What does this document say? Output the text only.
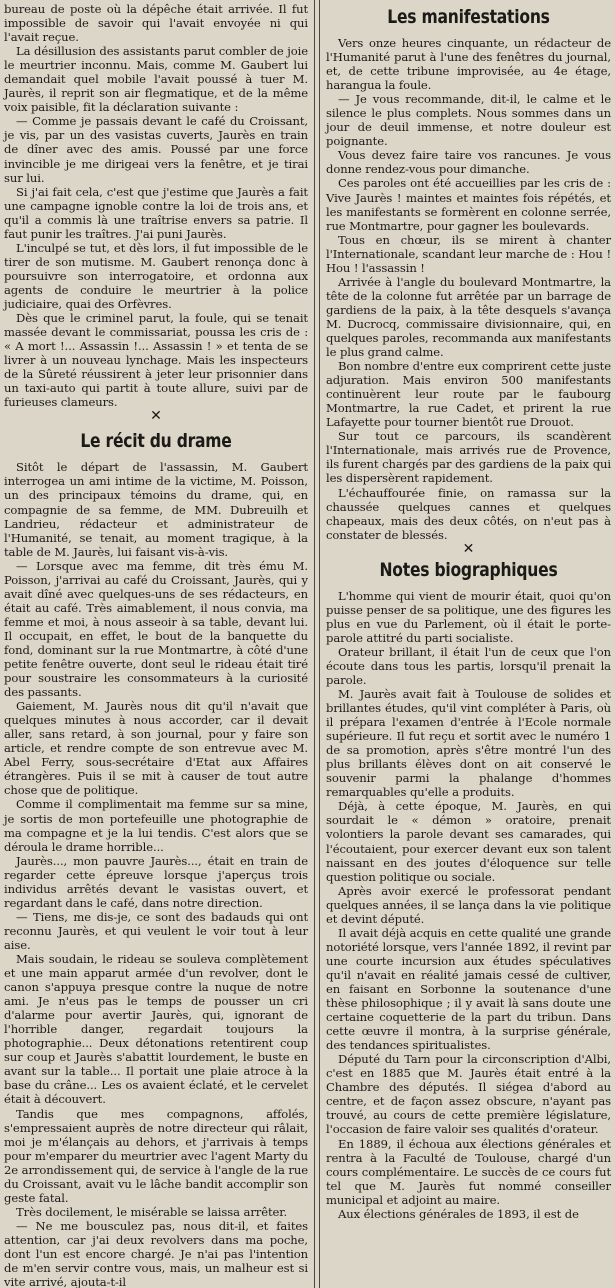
bureau de poste où la dépêche était arrivée. Il fut impossible de savoir qui l'avait envoyée ni qui l'avait reçue.

La désillusion des assistants parut combler de joie le meurtrier inconnu. Mais, comme M. Gaubert lui demandait quel mobile l'avait poussé à tuer M. Jaurès, il reprit son air flegmatique, et de la même voix paisible, fit la déclaration suivante :

— Comme je passais devant le café du Croissant, je vis, par un des vasistas cuverts, Jaurès en train de dîner avec des amis. Poussé par une force invincible je me dirigeai vers la fenêtre, et je tirai sur lui.

Si j'ai fait cela, c'est que j'estime que Jaurès a fait une campagne ignoble contre la loi de trois ans, et qu'il a commis là une traîtrise envers sa patrie. Il faut punir les traîtres. J'ai puni Jaurès.

L'inculpé se tut, et dès lors, il fut impossible de le tirer de son mutisme. M. Gaubert renonça donc à poursuivre son interrogatoire, et ordonna aux agents de conduire le meurtrier à la police judiciaire, quai des Orfèvres.

Dès que le criminel parut, la foule, qui se tenait massée devant le commissariat, poussa les cris de : « A mort !... Assassin !... Assassin ! » et tenta de se livrer à un nouveau lynchage. Mais les inspecteurs de la Sûreté réussirent à jeter leur prisonnier dans un taxi-auto qui partit à toute allure, suivi par de furieuses clameurs.

✕
Le récit du drame

Sitôt le départ de l'assassin, M. Gaubert interrogea un ami intime de la victime, M. Poisson, un des principaux témoins du drame, qui, en compagnie de sa femme, de MM. Dubreuilh et Landrieu, rédacteur et administrateur de l'Humanité, se tenait, au moment tragique, à la table de M. Jaurès, lui faisant vis-à-vis.

— Lorsque avec ma femme, dit très ému M. Poisson, j'arrivai au café du Croissant, Jaurès, qui y avait dîné avec quelques-uns de ses rédacteurs, en était au café. Très aimablement, il nous convia, ma femme et moi, à nous asseoir à sa table, devant lui. Il occupait, en effet, le bout de la banquette du fond, dominant sur la rue Montmartre, à côté d'une petite fenêtre ouverte, dont seul le rideau était tiré pour soustraire les consommateurs à la curiosité des passants.

Gaiement, M. Jaurès nous dit qu'il n'avait que quelques minutes à nous accorder, car il devait aller, sans retard, à son journal, pour y faire son article, et rendre compte de son entrevue avec M. Abel Ferry, sous-secrétaire d'Etat aux Affaires étrangères. Puis il se mit à causer de tout autre chose que de politique.

Comme il complimentait ma femme sur sa mine, je sortis de mon portefeuille une photographie de ma compagne et je la lui tendis. C'est alors que se déroula le drame horrible...

Jaurès..., mon pauvre Jaurès..., était en train de regarder cette épreuve lorsque j'aperçus trois individus arrêtés devant le vasistas ouvert, et regardant dans le café, dans notre direction.

— Tiens, me dis-je, ce sont des badauds qui ont reconnu Jaurès, et qui veulent le voir tout à leur aise.

Mais soudain, le rideau se souleva complètement et une main apparut armée d'un revolver, dont le canon s'appuya presque contre la nuque de notre ami. Je n'eus pas le temps de pousser un cri d'alarme pour avertir Jaurès, qui, ignorant de l'horrible danger, regardait toujours la photographie... Deux détonations retentirent coup sur coup et Jaurès s'abattit lourdement, le buste en avant sur la table... Il portait une plaie atroce à la base du crâne... Les os avaient éclaté, et le cervelet était à découvert.

Tandis que mes compagnons, affolés, s'empressaient auprès de notre directeur qui râlait, moi je m'élançais au dehors, et j'arrivais à temps pour m'emparer du meurtrier avec l'agent Marty du 2e arrondissement qui, de service à l'angle de la rue du Croissant, avait vu le lâche bandit accomplir son geste fatal.

Très docilement, le misérable se laissa arrêter.

— Ne me bousculez pas, nous dit-il, et faites attention, car j'ai deux revolvers dans ma poche, dont l'un est encore chargé. Je n'ai pas l'intention de m'en servir contre vous, mais, un malheur est si vite arrivé, ajouta-t-il

Les manifestations

Vers onze heures cinquante, un rédacteur de l'Humanité parut à l'une des fenêtres du journal, et, de cette tribune improvisée, au 4e étage, harangua la foule.

— Je vous recommande, dit-il, le calme et le silence le plus complets. Nous sommes dans un jour de deuil immense, et notre douleur est poignante.

Vous devez faire taire vos rancunes. Je vous donne rendez-vous pour dimanche.

Ces paroles ont été accueillies par les cris de : Vive Jaurès ! maintes et maintes fois répétés, et les manifestants se formèrent en colonne serrée, rue Montmartre, pour gagner les boulevards.

Tous en chœur, ils se mirent à chanter l'Internationale, scandant leur marche de : Hou ! Hou ! l'assassin !

Arrivée à l'angle du boulevard Montmartre, la tête de la colonne fut arrêtée par un barrage de gardiens de la paix, à la tête desquels s'avança M. Ducrocq, commissaire divisionnaire, qui, en quelques paroles, recommanda aux manifestants le plus grand calme.

Bon nombre d'entre eux comprirent cette juste adjuration. Mais environ 500 manifestants continuèrent leur route par le faubourg Montmartre, la rue Cadet, et prirent la rue Lafayette pour tourner bientôt rue Drouot.

Sur tout ce parcours, ils scandèrent l'Internationale, mais arrivés rue de Provence, ils furent chargés par des gardiens de la paix qui les dispersèrent rapidement.

L'échauffourée finie, on ramassa sur la chaussée quelques cannes et quelques chapeaux, mais des deux côtés, on n'eut pas à constater de blessés.

✕
Notes biographiques

L'homme qui vient de mourir était, quoi qu'on puisse penser de sa politique, une des figures les plus en vue du Parlement, où il était le porte-parole attitré du parti socialiste.

Orateur brillant, il était l'un de ceux que l'on écoute dans tous les partis, lorsqu'il prenait la parole.

M. Jaurès avait fait à Toulouse de solides et brillantes études, qu'il vint compléter à Paris, où il prépara l'examen d'entrée à l'Ecole normale supérieure. Il fut reçu et sortit avec le numéro 1 de sa promotion, après s'être montré l'un des plus brillants élèves dont on ait conservé le souvenir parmi la phalange d'hommes remarquables qu'elle a produits.

Déjà, à cette époque, M. Jaurès, en qui sourdait le « démon » oratoire, prenait volontiers la parole devant ses camarades, qui l'écoutaient, pour exercer devant eux son talent naissant en des joutes d'éloquence sur telle question politique ou sociale.

Après avoir exercé le professorat pendant quelques années, il se lança dans la vie politique et devint député.

Il avait déjà acquis en cette qualité une grande notoriété lorsque, vers l'année 1892, il revint par une courte incursion aux études spéculatives qu'il n'avait en réalité jamais cessé de cultiver, en faisant en Sorbonne la soutenance d'une thèse philosophique ; il y avait là sans doute une certaine coquetterie de la part du tribun. Dans cette œuvre il montra, à la surprise générale, des tendances spiritualistes.

Député du Tarn pour la circonscription d'Albi, c'est en 1885 que M. Jaurès était entré à la Chambre des députés. Il siégea d'abord au centre, et de façon assez obscure, n'ayant pas trouvé, au cours de cette première législature, l'occasion de faire valoir ses qualités d'orateur.

En 1889, il échoua aux élections générales et rentra à la Faculté de Toulouse, chargé d'un cours complémentaire. Le succès de ce cours fut tel que M. Jaurès fut nommé conseiller municipal et adjoint au maire.

Aux élections générales de 1893, il est de
